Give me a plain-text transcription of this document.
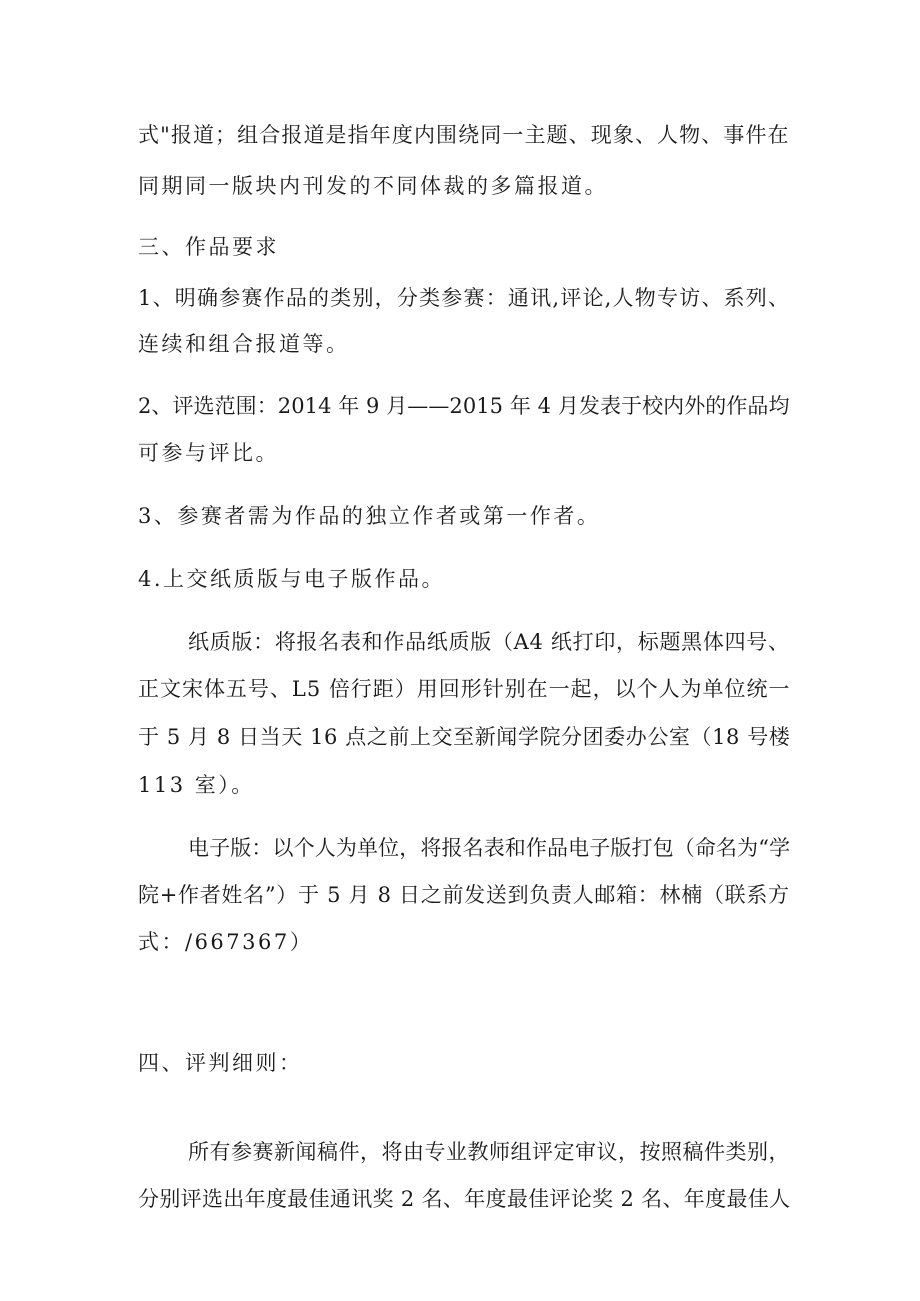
式"报道；组合报道是指年度内围绕同一主题、现象、人物、事件在
同期同一版块内刊发的不同体裁的多篇报道。
三、作品要求
1、明确参赛作品的类别，分类参赛：通讯,评论,人物专访、系列、
连续和组合报道等。
2、评选范围：2014 年 9 月——2015 年 4 月发表于校内外的作品均
可参与评比。
3、参赛者需为作品的独立作者或第一作者。
4.上交纸质版与电子版作品。
纸质版：将报名表和作品纸质版（A4 纸打印，标题黑体四号、
正文宋体五号、L5 倍行距）用回形针别在一起，以个人为单位统一
于 5 月 8 日当天 16 点之前上交至新闻学院分团委办公室（18 号楼
113 室）。
电子版：以个人为单位，将报名表和作品电子版打包（命名为“学
院+作者姓名”）于 5 月 8 日之前发送到负责人邮箱：林楠（联系方
式：/667367）
四、评判细则：
所有参赛新闻稿件，将由专业教师组评定审议，按照稿件类别，
分别评选出年度最佳通讯奖 2 名、年度最佳评论奖 2 名、年度最佳人
